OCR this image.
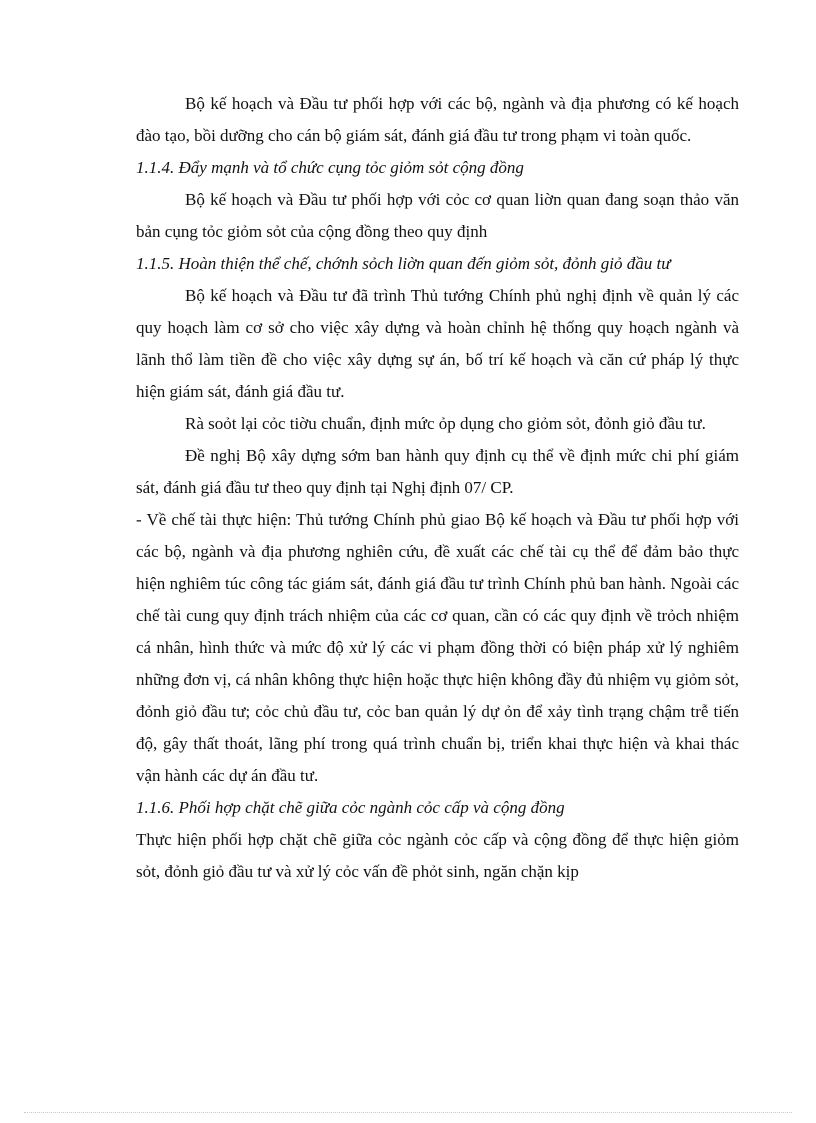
Bộ kế hoạch và Đầu tư phối hợp với các bộ, ngành và địa phương có kế hoạch đào tạo, bồi dưỡng cho cán bộ giám sát, đánh giá đầu tư trong phạm vi toàn quốc.

1.1.4. Đẩy mạnh và tổ chức cụng tỏc giỏm sỏt cộng đồng

Bộ kế hoạch và Đầu tư phối hợp với cỏc cơ quan liờn quan đang soạn thảo văn bản cụng tỏc giỏm sỏt của cộng đồng theo quy định

1.1.5. Hoàn thiện thể chế, chớnh sỏch liờn quan đến giỏm sỏt, đỏnh giỏ đầu tư

Bộ kế hoạch và Đầu tư đã trình Thủ tướng Chính phủ nghị định về quản lý các quy hoạch làm cơ sở cho việc xây dựng và hoàn chỉnh hệ thống quy hoạch ngành và lãnh thổ làm tiền đề cho việc xây dựng sự án, bố trí kế hoạch và căn cứ pháp lý thực hiện giám sát, đánh giá đầu tư.

Rà soỏt lại cỏc tiờu chuẩn, định mức ỏp dụng cho giỏm sỏt, đỏnh giỏ đầu tư.

Đề nghị Bộ xây dựng sớm ban hành quy định cụ thể về định mức chi phí giám sát, đánh giá đầu tư theo quy định tại Nghị định 07/ CP.

- Về chế tài thực hiện: Thủ tướng Chính phủ giao Bộ kế hoạch và Đầu tư phối hợp với các bộ, ngành và địa phương nghiên cứu, đề xuất các chế tài cụ thể để đảm bảo thực hiện nghiêm túc công tác giám sát, đánh giá đầu tư trình Chính phủ ban hành. Ngoài các chế tài cung quy định trách nhiệm của các cơ quan, cần có các quy định về trỏch nhiệm cá nhân, hình thức và mức độ xử lý các vi phạm đồng thời có biện pháp xử lý nghiêm những đơn vị, cá nhân không thực hiện hoặc thực hiện không đầy đủ nhiệm vụ giỏm sỏt, đỏnh giỏ đầu tư; cỏc chủ đầu tư, cỏc ban quản lý dự ỏn để xảy tình trạng chậm trễ tiến độ, gây thất thoát, lãng phí trong quá trình chuẩn bị, triển khai thực hiện và khai thác vận hành các dự án đầu tư.

1.1.6. Phối hợp chặt chẽ giữa cỏc ngành cỏc cấp và cộng đồng

Thực hiện phối hợp chặt chẽ giữa cỏc ngành cỏc cấp và cộng đồng để thực hiện giỏm sỏt, đỏnh giỏ đầu tư và xử lý cỏc vấn đề phỏt sinh, ngăn chặn kịp
